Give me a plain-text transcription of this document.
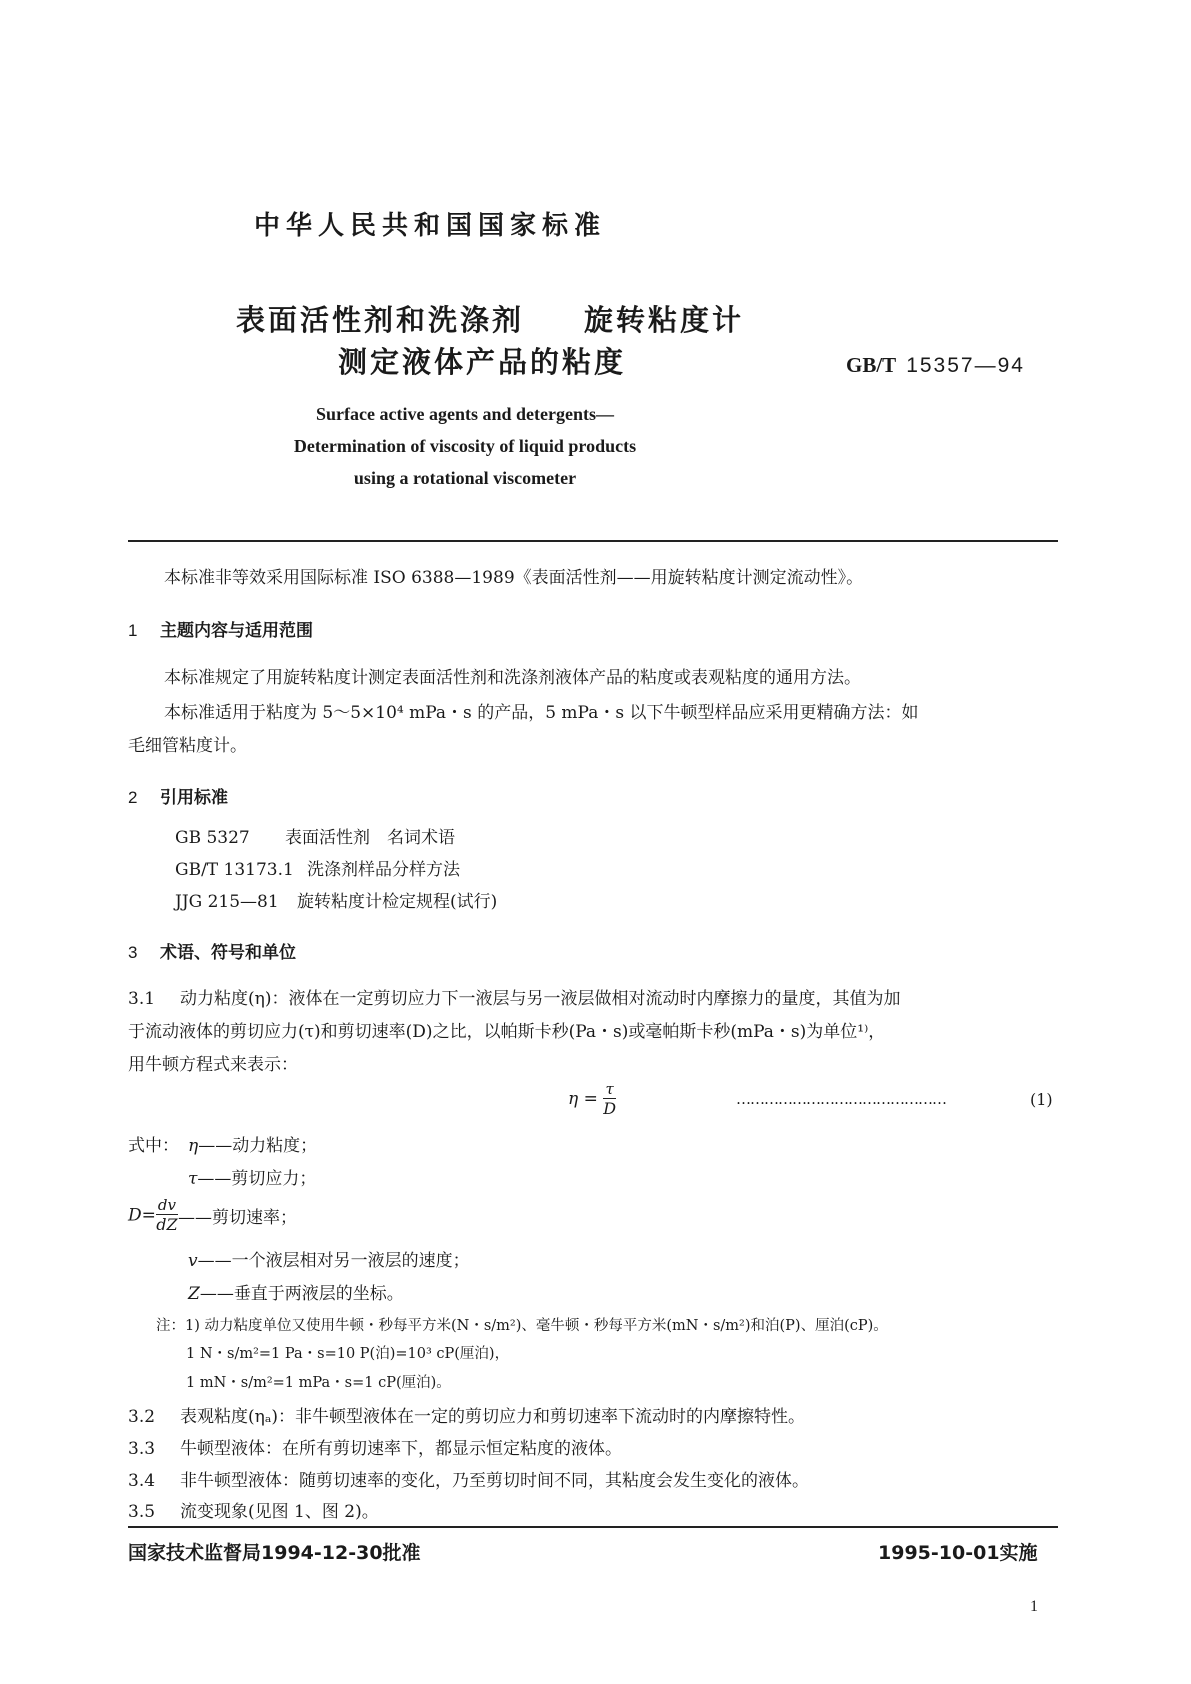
中华人民共和国国家标准
表面活性剂和洗涤剂 旋转粘度计
测定液体产品的粘度	GB/T 15357—94
Surface active agents and detergents—
Determination of viscosity of liquid products
using a rotational viscometer
本标准非等效采用国际标准 ISO 6388—1989《表面活性剂——用旋转粘度计测定流动性》。
1 主题内容与适用范围
本标准规定了用旋转粘度计测定表面活性剂和洗涤剂液体产品的粘度或表观粘度的通用方法。
本标准适用于粘度为 5～5×10⁴ mPa・s 的产品，5 mPa・s 以下牛顿型样品应采用更精确方法：如
毛细管粘度计。
2 引用标准
GB 5327 表面活性剂　名词术语
GB/T 13173.1 洗涤剂样品分样方法
JJG 215—81 旋转粘度计检定规程(试行)
3 术语、符号和单位
3.1 动力粘度(η)：液体在一定剪切应力下一液层与另一液层做相对流动时内摩擦力的量度，其值为加
于流动液体的剪切应力(τ)和剪切速率(D)之比，以帕斯卡秒(Pa・s)或毫帕斯卡秒(mPa・s)为单位¹⁾，
用牛顿方程式来表示：
$\eta = \frac{\tau}{D}$	………………………………………	(1)
式中： η——动力粘度；
τ——剪切应力；
$D= \frac{dv}{dZ}$ ——剪切速率；
v——一个液层相对另一液层的速度；
Z——垂直于两液层的坐标。
注：1) 动力粘度单位又使用牛顿・秒每平方米(N・s/m²)、毫牛顿・秒每平方米(mN・s/m²)和泊(P)、厘泊(cP)。
1 N・s/m²=1 Pa・s=10 P(泊)=10³ cP(厘泊)，
1 mN・s/m²=1 mPa・s=1 cP(厘泊)。
3.2 表观粘度(ηₐ)：非牛顿型液体在一定的剪切应力和剪切速率下流动时的内摩擦特性。
3.3 牛顿型液体：在所有剪切速率下，都显示恒定粘度的液体。
3.4 非牛顿型液体：随剪切速率的变化，乃至剪切时间不同，其粘度会发生变化的液体。
3.5 流变现象(见图 1、图 2)。
国家技术监督局1994-12-30批准	1995-10-01实施
1
